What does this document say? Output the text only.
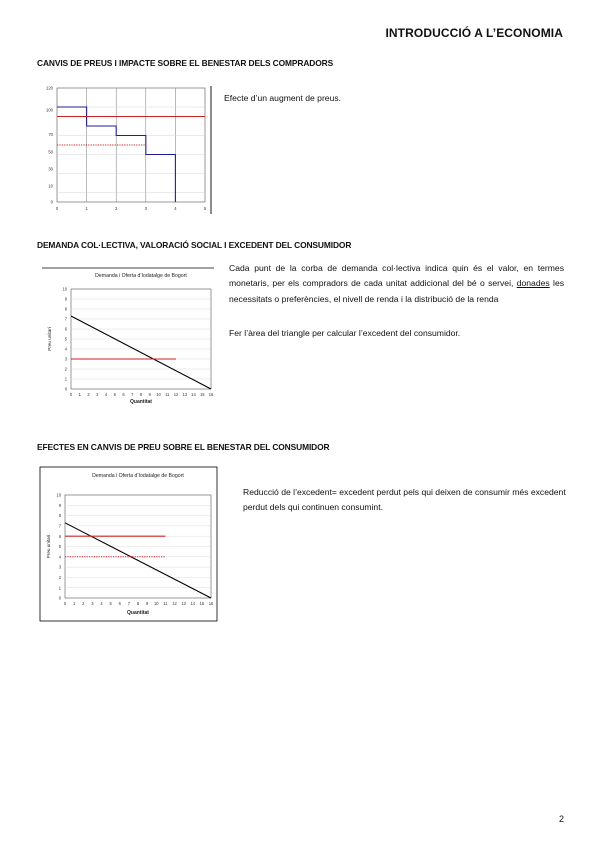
INTRODUCCIÓ A L’ECONOMIA
CANVIS DE PREUS I IMPACTE SOBRE EL BENESTAR DELS COMPRADORS
0	1	2	3	4	5
0
10
30
50
70
100
120
Efecte d’un augment de preus.
DEMANDA COL·LECTIVA, VALORACIÓ SOCIAL I EXCEDENT DEL CONSUMIDOR
Demanda i Oferta d’Iodatalge de Bogort
0 1 2 3 4 5 6 7 8 9 10 11 12 13 14 15 16
0
1
2
3
4
5
6
7
8
9
10
Quantitat
Preu unitari
Cada punt de la corba de demanda col·lectiva indica quin és el valor, en termes monetaris, per els compradors de cada unitat addicional del bé o servei, donades les necessitats o preferències, el nivell de renda i la distribució de la renda
Fer l’àrea del triangle per calcular l’excedent del consumidor.
EFECTES EN CANVIS DE PREU SOBRE EL BENESTAR DEL CONSUMIDOR
Demanda i Oferta d’Iodatalge de Bogort
0 1 2 3 4 5 6 7 8 9 10 11 12 13 14 15 16
0
1
2
3
4
5
6
7
8
9
10
Quantitat
Preu unitari
Reducció de l’excedent= excedent perdut pels qui deixen de consumir més excedent perdut dels qui continuen consumint.
2
